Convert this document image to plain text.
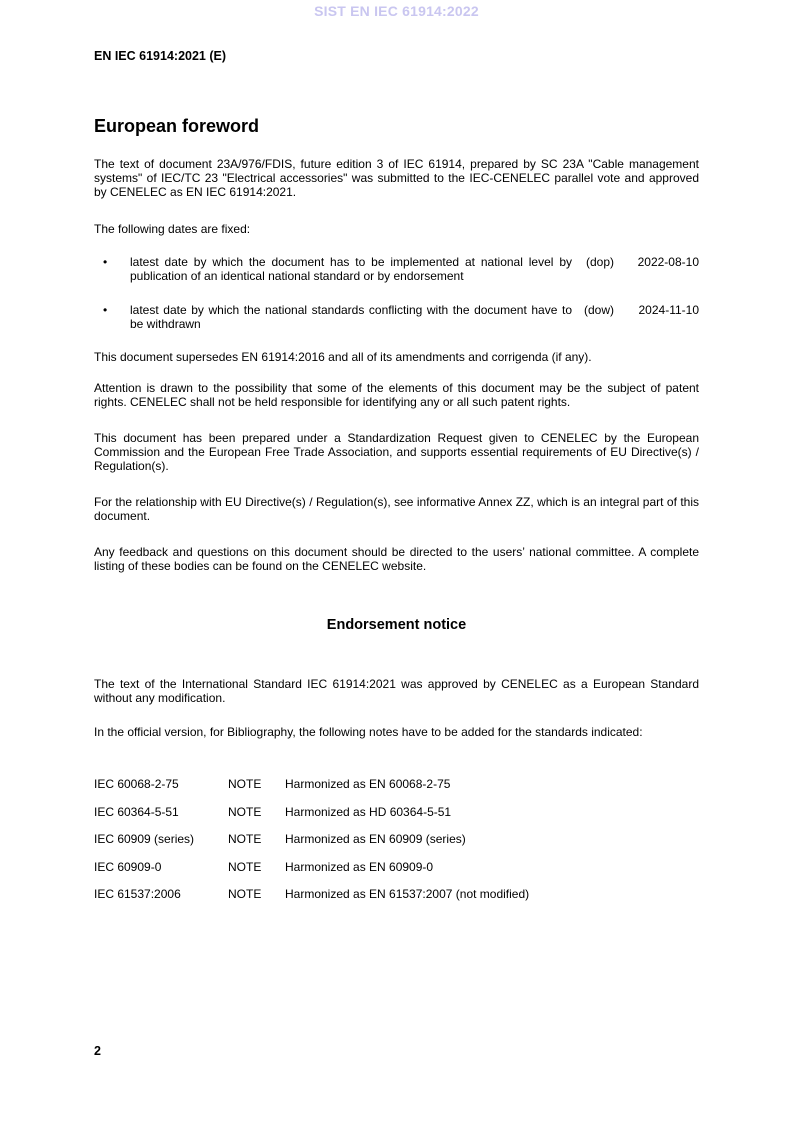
SIST EN IEC 61914:2022
EN IEC 61914:2021 (E)
European foreword

The text of document 23A/976/FDIS, future edition 3 of IEC 61914, prepared by SC 23A "Cable management systems" of IEC/TC 23 "Electrical accessories" was submitted to the IEC-CENELEC parallel vote and approved by CENELEC as EN IEC 61914:2021.

The following dates are fixed:

•	latest date by which the document has to be implemented at national level by publication of an identical national standard or by endorsement
(dop)	2022-08-10
•	latest date by which the national standards conflicting with the document have to be withdrawn
(dow)	2024-11-10

This document supersedes EN 61914:2016 and all of its amendments and corrigenda (if any).

Attention is drawn to the possibility that some of the elements of this document may be the subject of patent rights. CENELEC shall not be held responsible for identifying any or all such patent rights.

This document has been prepared under a Standardization Request given to CENELEC by the European Commission and the European Free Trade Association, and supports essential requirements of EU Directive(s) / Regulation(s).

For the relationship with EU Directive(s) / Regulation(s), see informative Annex ZZ, which is an integral part of this document.

Any feedback and questions on this document should be directed to the users’ national committee. A complete listing of these bodies can be found on the CENELEC website.

Endorsement notice

The text of the International Standard IEC 61914:2021 was approved by CENELEC as a European Standard without any modification.

In the official version, for Bibliography, the following notes have to be added for the standards indicated:

IEC 60068-2-75	NOTE	Harmonized as EN 60068-2-75
IEC 60364-5-51	NOTE	Harmonized as HD 60364-5-51
IEC 60909 (series)	NOTE	Harmonized as EN 60909 (series)
IEC 60909-0	NOTE	Harmonized as EN 60909-0
IEC 61537:2006	NOTE	Harmonized as EN 61537:2007 (not modified)
2
